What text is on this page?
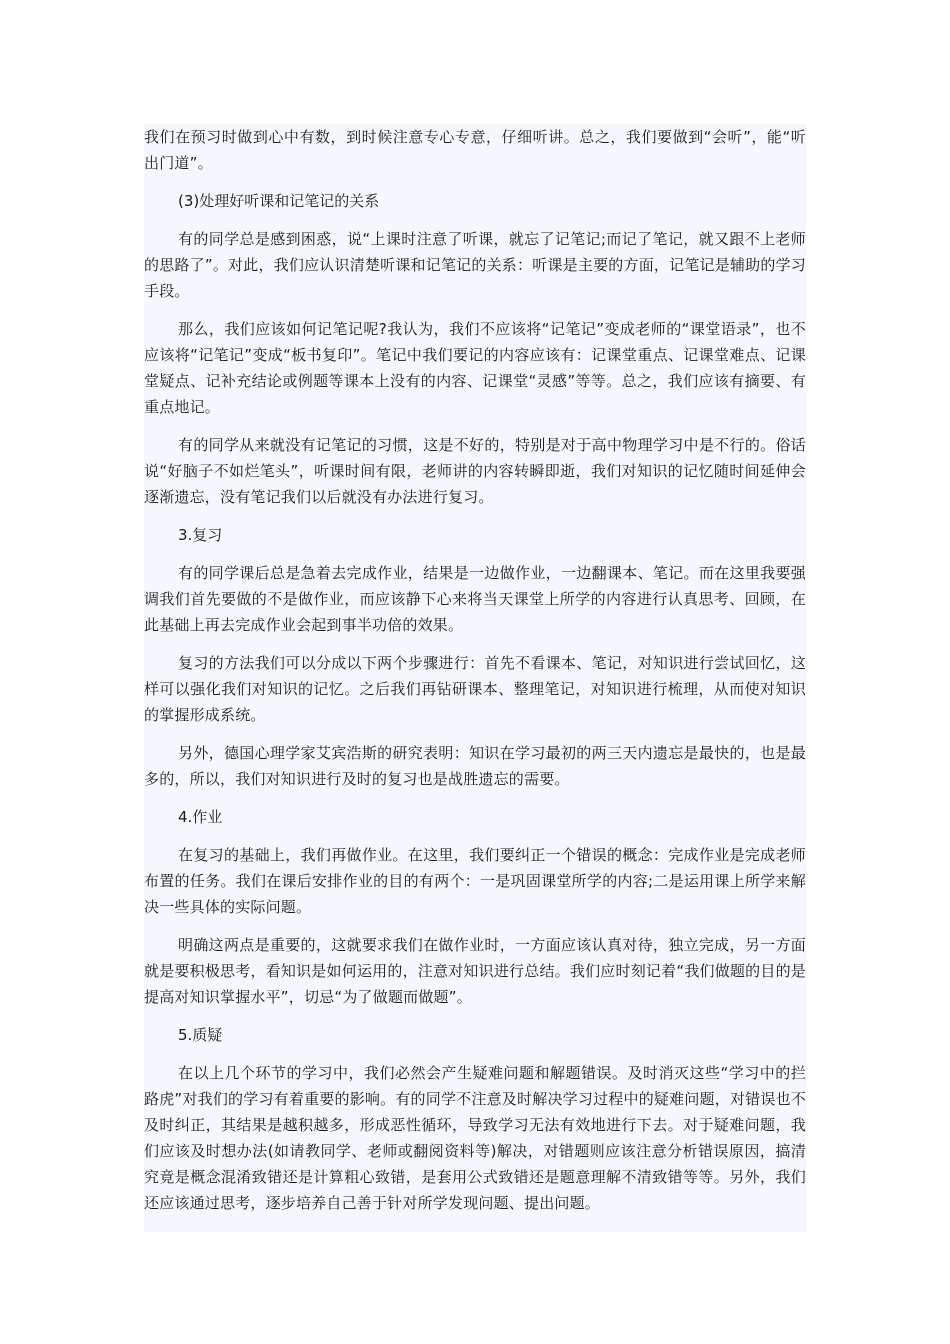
我们在预习时做到心中有数，到时候注意专心专意，仔细听讲。总之，我们要做到“会听”，能“听出门道”。

(3)处理好听课和记笔记的关系

有的同学总是感到困惑，说“上课时注意了听课，就忘了记笔记;而记了笔记，就又跟不上老师的思路了”。对此，我们应认识清楚听课和记笔记的关系：听课是主要的方面，记笔记是辅助的学习手段。

那么，我们应该如何记笔记呢?我认为，我们不应该将“记笔记”变成老师的“课堂语录”，也不应该将“记笔记”变成“板书复印”。笔记中我们要记的内容应该有：记课堂重点、记课堂难点、记课堂疑点、记补充结论或例题等课本上没有的内容、记课堂“灵感”等等。总之，我们应该有摘要、有重点地记。

有的同学从来就没有记笔记的习惯，这是不好的，特别是对于高中物理学习中是不行的。俗话说“好脑子不如烂笔头”，听课时间有限，老师讲的内容转瞬即逝，我们对知识的记忆随时间延伸会逐渐遗忘，没有笔记我们以后就没有办法进行复习。

3.复习

有的同学课后总是急着去完成作业，结果是一边做作业，一边翻课本、笔记。而在这里我要强调我们首先要做的不是做作业，而应该静下心来将当天课堂上所学的内容进行认真思考、回顾，在此基础上再去完成作业会起到事半功倍的效果。

复习的方法我们可以分成以下两个步骤进行：首先不看课本、笔记，对知识进行尝试回忆，这样可以强化我们对知识的记忆。之后我们再钻研课本、整理笔记，对知识进行梳理，从而使对知识的掌握形成系统。

另外，德国心理学家艾宾浩斯的研究表明：知识在学习最初的两三天内遗忘是最快的，也是最多的，所以，我们对知识进行及时的复习也是战胜遗忘的需要。

4.作业

在复习的基础上，我们再做作业。在这里，我们要纠正一个错误的概念：完成作业是完成老师布置的任务。我们在课后安排作业的目的有两个：一是巩固课堂所学的内容;二是运用课上所学来解决一些具体的实际问题。

明确这两点是重要的，这就要求我们在做作业时，一方面应该认真对待，独立完成，另一方面就是要积极思考，看知识是如何运用的，注意对知识进行总结。我们应时刻记着“我们做题的目的是提高对知识掌握水平”，切忌“为了做题而做题”。

5.质疑

在以上几个环节的学习中，我们必然会产生疑难问题和解题错误。及时消灭这些“学习中的拦路虎”对我们的学习有着重要的影响。有的同学不注意及时解决学习过程中的疑难问题，对错误也不及时纠正，其结果是越积越多，形成恶性循环，导致学习无法有效地进行下去。对于疑难问题，我们应该及时想办法(如请教同学、老师或翻阅资料等)解决，对错题则应该注意分析错误原因，搞清究竟是概念混淆致错还是计算粗心致错，是套用公式致错还是题意理解不清致错等等。另外，我们还应该通过思考，逐步培养自己善于针对所学发现问题、提出问题。
